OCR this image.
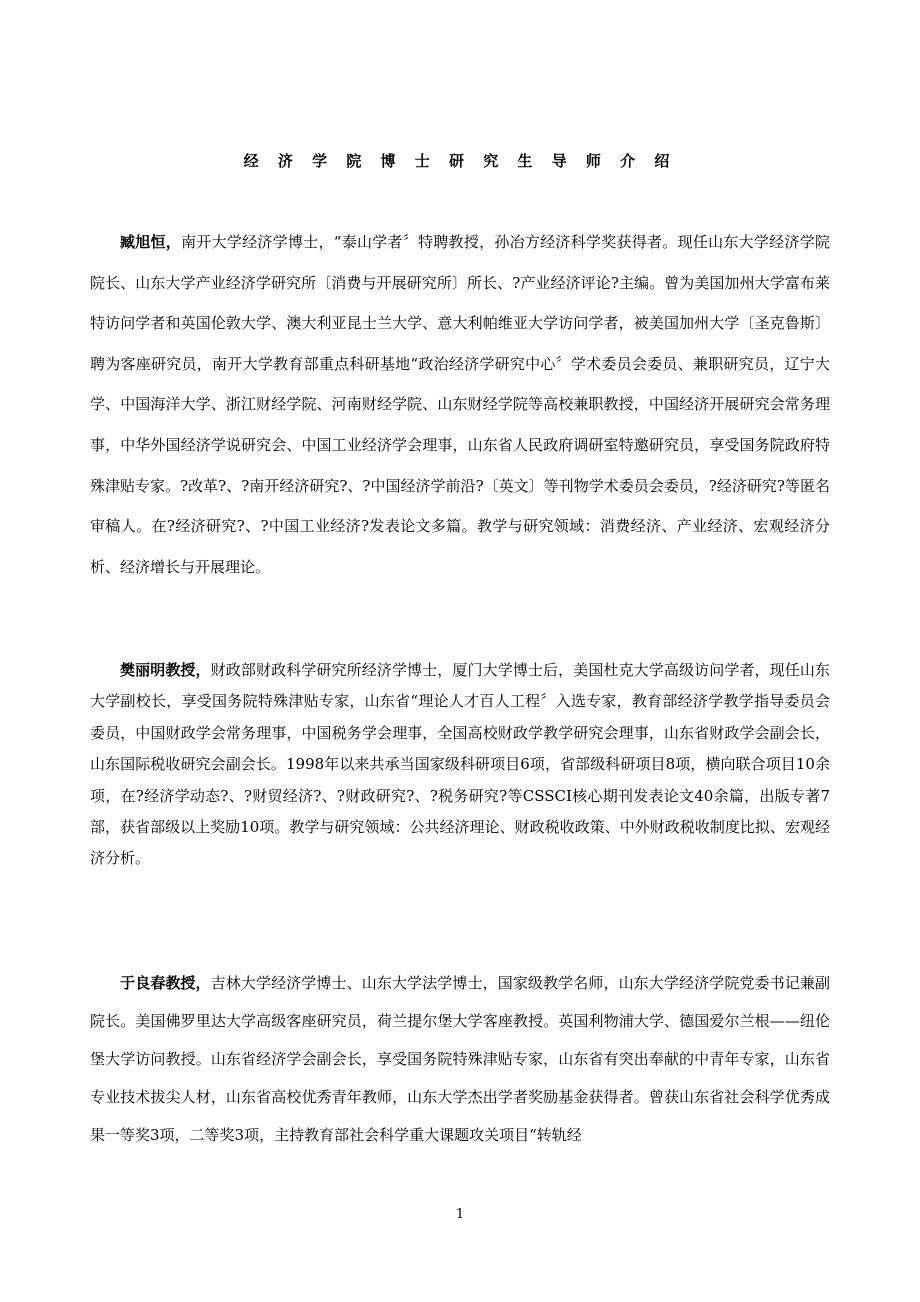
经 济 学 院 博 士 研 究 生 导 师 介 绍
臧旭恒，南开大学经济学博士，“泰山学者〞特聘教授，孙冶方经济科学奖获得者。现任山东大学经济学院院长、山东大学产业经济学研究所〔消费与开展研究所〕所长、?产业经济评论?主编。曾为美国加州大学富布莱特访问学者和英国伦敦大学、澳大利亚昆士兰大学、意大利帕维亚大学访问学者，被美国加州大学〔圣克鲁斯〕聘为客座研究员，南开大学教育部重点科研基地“政治经济学研究中心〞学术委员会委员、兼职研究员，辽宁大学、中国海洋大学、浙江财经学院、河南财经学院、山东财经学院等高校兼职教授，中国经济开展研究会常务理事，中华外国经济学说研究会、中国工业经济学会理事，山东省人民政府调研室特邀研究员，享受国务院政府特殊津贴专家。?改革?、?南开经济研究?、?中国经济学前沿?〔英文〕等刊物学术委员会委员，?经济研究?等匿名审稿人。在?经济研究?、?中国工业经济?发表论文多篇。教学与研究领域：消费经济、产业经济、宏观经济分析、经济增长与开展理论。
樊丽明教授，财政部财政科学研究所经济学博士，厦门大学博士后，美国杜克大学高级访问学者，现任山东大学副校长，享受国务院特殊津贴专家，山东省“理论人才百人工程〞入选专家，教育部经济学教学指导委员会委员，中国财政学会常务理事，中国税务学会理事，全国高校财政学教学研究会理事，山东省财政学会副会长，山东国际税收研究会副会长。1998年以来共承当国家级科研项目6项，省部级科研项目8项，横向联合项目10余项，在?经济学动态?、?财贸经济?、?财政研究?、?税务研究?等CSSCI核心期刊发表论文40余篇，出版专著7部，获省部级以上奖励10项。教学与研究领域：公共经济理论、财政税收政策、中外财政税收制度比拟、宏观经济分析。
于良春教授，吉林大学经济学博士、山东大学法学博士，国家级教学名师，山东大学经济学院党委书记兼副院长。美国佛罗里达大学高级客座研究员，荷兰提尔堡大学客座教授。英国利物浦大学、德国爱尔兰根——纽伦堡大学访问教授。山东省经济学会副会长，享受国务院特殊津贴专家，山东省有突出奉献的中青年专家，山东省专业技术拔尖人材，山东省高校优秀青年教师，山东大学杰出学者奖励基金获得者。曾获山东省社会科学优秀成果一等奖3项，二等奖3项，主持教育部社会科学重大课题攻关项目“转轨经
1
